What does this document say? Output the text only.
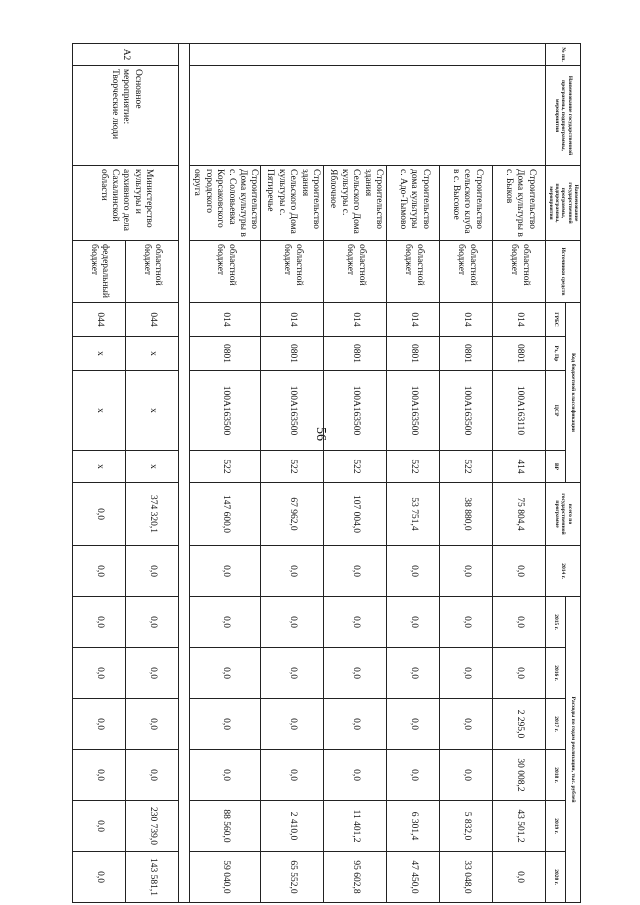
56
№ пп.	Наименование государственной программы, подпрограммы, мероприятия	Наименование государственной программы, подпрограммы, мероприятия	Источники средств	Код бюджетной классификации				всего по государственной программе	2014 г.	Расходы по годам реализации, тыс. рублей					
				ГРБС	Рз, Пр	ЦСР	ВР			2015 г.	2016 г.	2017 г.	2018 г.	2019 г.	2020 г.

		Строительство Дома культуры в с. Быков	областной бюджет	014	0801	100А163110	414	75 804,4	0,0	0,0	0,0	2 295,0	30 008,2	43 501,2	0,0
		Строительство сельского клуба в с. Высокое	областной бюджет	014	0801	100А163500	522	38 880,0	0,0	0,0	0,0	0,0	0,0	5 832,0	33 048,0
		Строительство дома культуры с. Адо-Тымово	областной бюджет	014	0801	100А163500	522	53 751,4	0,0	0,0	0,0	0,0	0,0	6 301,4	47 450,0
		Строительство здания Сельского Дома культуры с. Яблочное	областной бюджет	014	0801	100А163500	522	107 004,0	0,0	0,0	0,0	0,0	0,0	11 401,2	95 602,8
		Строительство здания Сельского Дома культуры с. Пятиречье	областной бюджет	014	0801	100А163500	522	67 962,0	0,0	0,0	0,0	0,0	0,0	2 410,0	65 552,0
		Строительство Дома культуры в с. Соловьевка Корсаковского городского округа	областной бюджет	014	0801	100А163500	522	147 600,0	0,0	0,0	0,0	0,0	0,0	88 560,0	59 040,0

А2	Основное мероприятие: Творческие люди	Министерство культуры и архивного дела Сахалинской области	областной бюджет	044	х	х	х	374 320,1	0,0	0,0	0,0	0,0	0,0	230 739,0	143 581,1
			федеральный бюджет	044	х	х	х	0,0	0,0	0,0	0,0	0,0	0,0	0,0	0,0
